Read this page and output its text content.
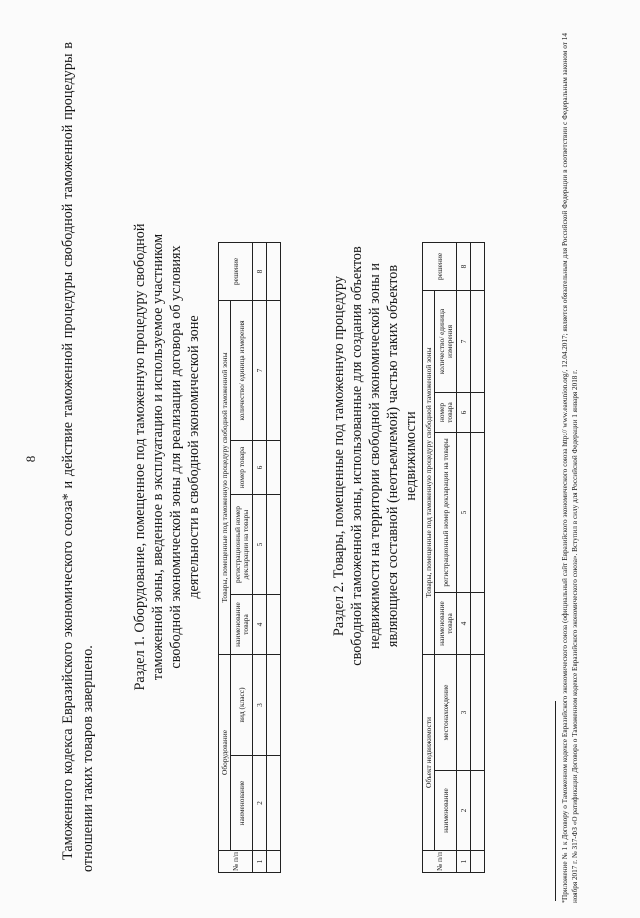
8 Таможенного кодекса Евразийского экономического союза* и действие таможенной процедуры свободной таможенной процедуры в отношении таких товаров завершено.
Раздел 1. Оборудование, помещенное под таможенную процедуру свободной таможенной зоны, введенное в эксплуатацию и используемое участником свободной экономической зоны для реализации договора об условиях деятельности в свободной экономической зоне
№ п/п	Оборудование		Товары, помещенные под таможенную процедуру свободной таможенной зоны				решение
	наименование	вид (класс)	наименование товара	регистрационный номер декларации на товары	номер товара	количество/ единица измерения	
1	2	3	4	5	6	7	8

Раздел 2. Товары, помещенные под таможенную процедуру свободной таможенной зоны, использованные для создания объектов недвижимости на территории свободной экономической зоны и являющиеся составной (неотъемлемой) частью таких объектов недвижимости
№ п/п	Объект недвижимости		Товары, помещенные под таможенную процедуру свободной таможенной зоны				решение
	наименование	местонахождение	наименование товара	регистрационный номер декларации на товары	номер товара	количество/ единица измерения	
1	2	3	4	5	6	7	8

*Приложение № 1 к Договору о Таможенном кодексе Евразийского экономического союза (официальный сайт Евразийского экономического союза http:// www.eaeunion.org/, 12.04.2017; является обязательным для Российской Федерации в соответствии с Федеральным законом от 14 ноября 2017 г. № 317-ФЗ «О ратификации Договора о Таможенном кодексе Евразийского экономического союза». Вступил в силу для Российской Федерации 1 января 2018 г.
